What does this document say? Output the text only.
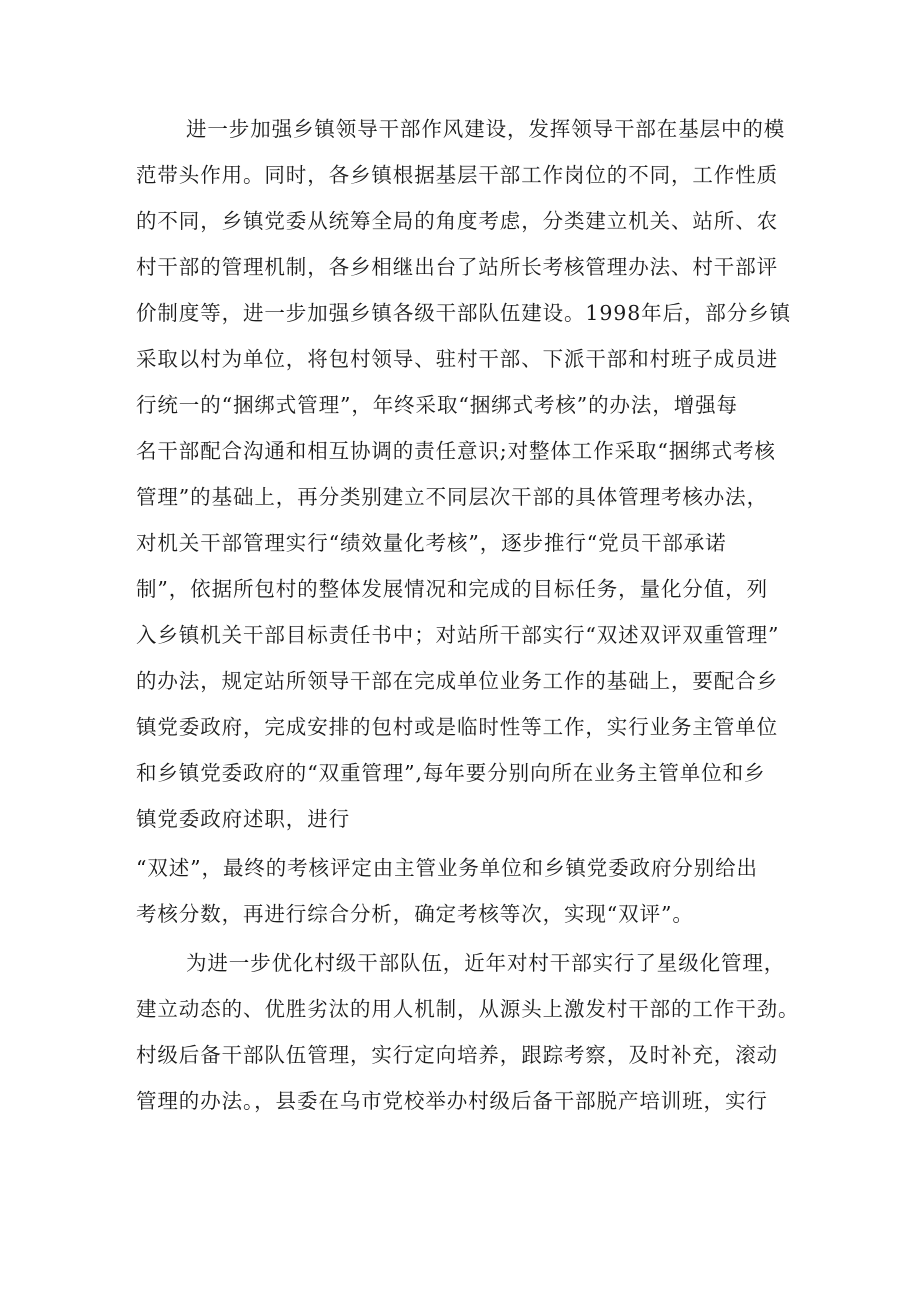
进一步加强乡镇领导干部作风建设，发挥领导干部在基层中的模

范带头作用。同时，各乡镇根据基层干部工作岗位的不同，工作性质

的不同，乡镇党委从统筹全局的角度考虑，分类建立机关、站所、农

村干部的管理机制，各乡相继出台了站所长考核管理办法、村干部评

价制度等，进一步加强乡镇各级干部队伍建设。1998年后，部分乡镇

采取以村为单位，将包村领导、驻村干部、下派干部和村班子成员进

行统一的“捆绑式管理”，年终采取“捆绑式考核”的办法，增强每

名干部配合沟通和相互协调的责任意识;对整体工作采取“捆绑式考核

管理”的基础上，再分类别建立不同层次干部的具体管理考核办法，

对机关干部管理实行“绩效量化考核”，逐步推行“党员干部承诺

制”，依据所包村的整体发展情况和完成的目标任务，量化分值，列

入乡镇机关干部目标责任书中；对站所干部实行“双述双评双重管理”

的办法，规定站所领导干部在完成单位业务工作的基础上，要配合乡

镇党委政府，完成安排的包村或是临时性等工作，实行业务主管单位

和乡镇党委政府的“双重管理”,每年要分别向所在业务主管单位和乡

镇党委政府述职，进行

“双述”，最终的考核评定由主管业务单位和乡镇党委政府分别给出

考核分数，再进行综合分析，确定考核等次，实现“双评”。

为进一步优化村级干部队伍，近年对村干部实行了星级化管理，

建立动态的、优胜劣汰的用人机制，从源头上激发村干部的工作干劲。

村级后备干部队伍管理，实行定向培养，跟踪考察，及时补充，滚动

管理的办法。，县委在乌市党校举办村级后备干部脱产培训班，实行
